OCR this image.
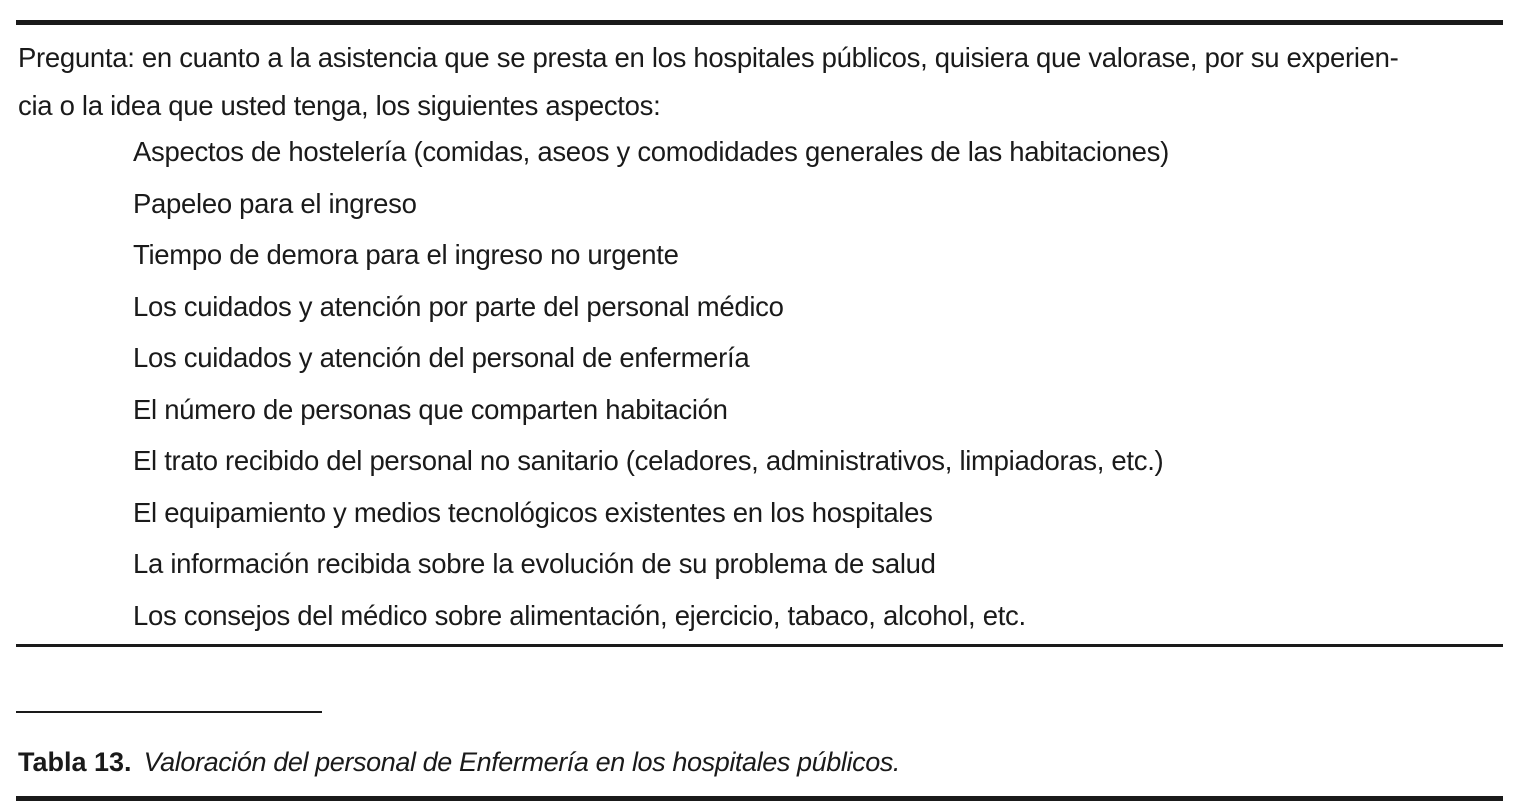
Pregunta: en cuanto a la asistencia que se presta en los hospitales públicos, quisiera que valorase, por su experien-
cia o la idea que usted tenga, los siguientes aspectos:

Aspectos de hostelería (comidas, aseos y comodidades generales de las habitaciones)
Papeleo para el ingreso
Tiempo de demora para el ingreso no urgente
Los cuidados y atención por parte del personal médico
Los cuidados y atención del personal de enfermería
El número de personas que comparten habitación
El trato recibido del personal no sanitario (celadores, administrativos, limpiadoras, etc.)
El equipamiento y medios tecnológicos existentes en los hospitales
La información recibida sobre la evolución de su problema de salud
Los consejos del médico sobre alimentación, ejercicio, tabaco, alcohol, etc.
Tabla 13. Valoración del personal de Enfermería en los hospitales públicos.
